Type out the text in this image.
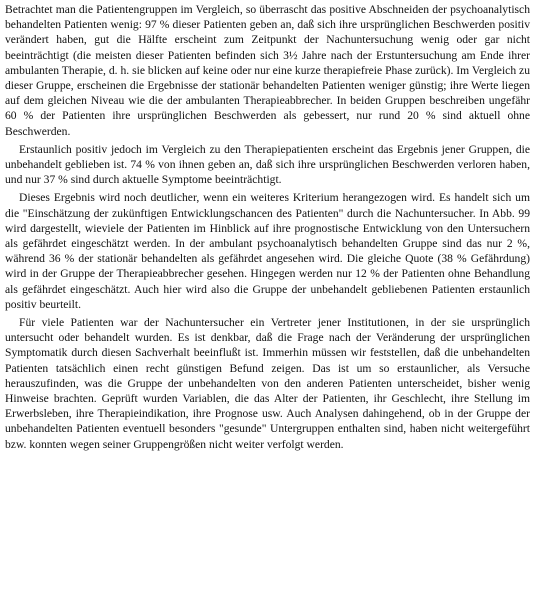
Betrachtet man die Patientengruppen im Vergleich, so überrascht das positive Abschneiden der psychoanalytisch behandelten Patienten wenig: 97 % dieser Patienten geben an, daß sich ihre ursprünglichen Beschwerden positiv verändert haben, gut die Hälfte erscheint zum Zeitpunkt der Nachuntersuchung wenig oder gar nicht beeinträchtigt (die meisten dieser Patienten befinden sich 3½ Jahre nach der Erstuntersuchung am Ende ihrer ambulanten Therapie, d. h. sie blicken auf keine oder nur eine kurze therapiefreie Phase zurück). Im Vergleich zu dieser Gruppe, erscheinen die Ergebnisse der stationär behandelten Patienten weniger günstig; ihre Werte liegen auf dem gleichen Niveau wie die der ambulanten Therapieabbrecher. In beiden Gruppen beschreiben ungefähr 60 % der Patienten ihre ursprünglichen Beschwerden als gebessert, nur rund 20 % sind aktuell ohne Beschwerden.

Erstaunlich positiv jedoch im Vergleich zu den Therapiepatienten erscheint das Ergebnis jener Gruppen, die unbehandelt geblieben ist. 74 % von ihnen geben an, daß sich ihre ursprünglichen Beschwerden verloren haben, und nur 37 % sind durch aktuelle Symptome beeinträchtigt.

Dieses Ergebnis wird noch deutlicher, wenn ein weiteres Kriterium herangezogen wird. Es handelt sich um die "Einschätzung der zukünftigen Entwicklungschancen des Patienten" durch die Nachuntersucher. In Abb. 99 wird dargestellt, wieviele der Patienten im Hinblick auf ihre prognostische Entwicklung von den Untersuchern als gefährdet eingeschätzt werden. In der ambulant psychoanalytisch behandelten Gruppe sind das nur 2 %, während 36 % der stationär behandelten als gefährdet angesehen wird. Die gleiche Quote (38 % Gefährdung) wird in der Gruppe der Therapieabbrecher gesehen. Hingegen werden nur 12 % der Patienten ohne Behandlung als gefährdet eingeschätzt. Auch hier wird also die Gruppe der unbehandelt gebliebenen Patienten erstaunlich positiv beurteilt.

Für viele Patienten war der Nachuntersucher ein Vertreter jener Institutionen, in der sie ursprünglich untersucht oder behandelt wurden. Es ist denkbar, daß die Frage nach der Veränderung der ursprünglichen Symptomatik durch diesen Sachverhalt beeinflußt ist. Immerhin müssen wir feststellen, daß die unbehandelten Patienten tatsächlich einen recht günstigen Befund zeigen. Das ist um so erstaunlicher, als Versuche herauszufinden, was die Gruppe der unbehandelten von den anderen Patienten unterscheidet, bisher wenig Hinweise brachten. Geprüft wurden Variablen, die das Alter der Patienten, ihr Geschlecht, ihre Stellung im Erwerbsleben, ihre Therapieindikation, ihre Prognose usw. Auch Analysen dahingehend, ob in der Gruppe der unbehandelten Patienten eventuell besonders "gesunde" Untergruppen enthalten sind, haben nicht weitergeführt bzw. konnten wegen seiner Gruppengrößen nicht weiter verfolgt werden.
